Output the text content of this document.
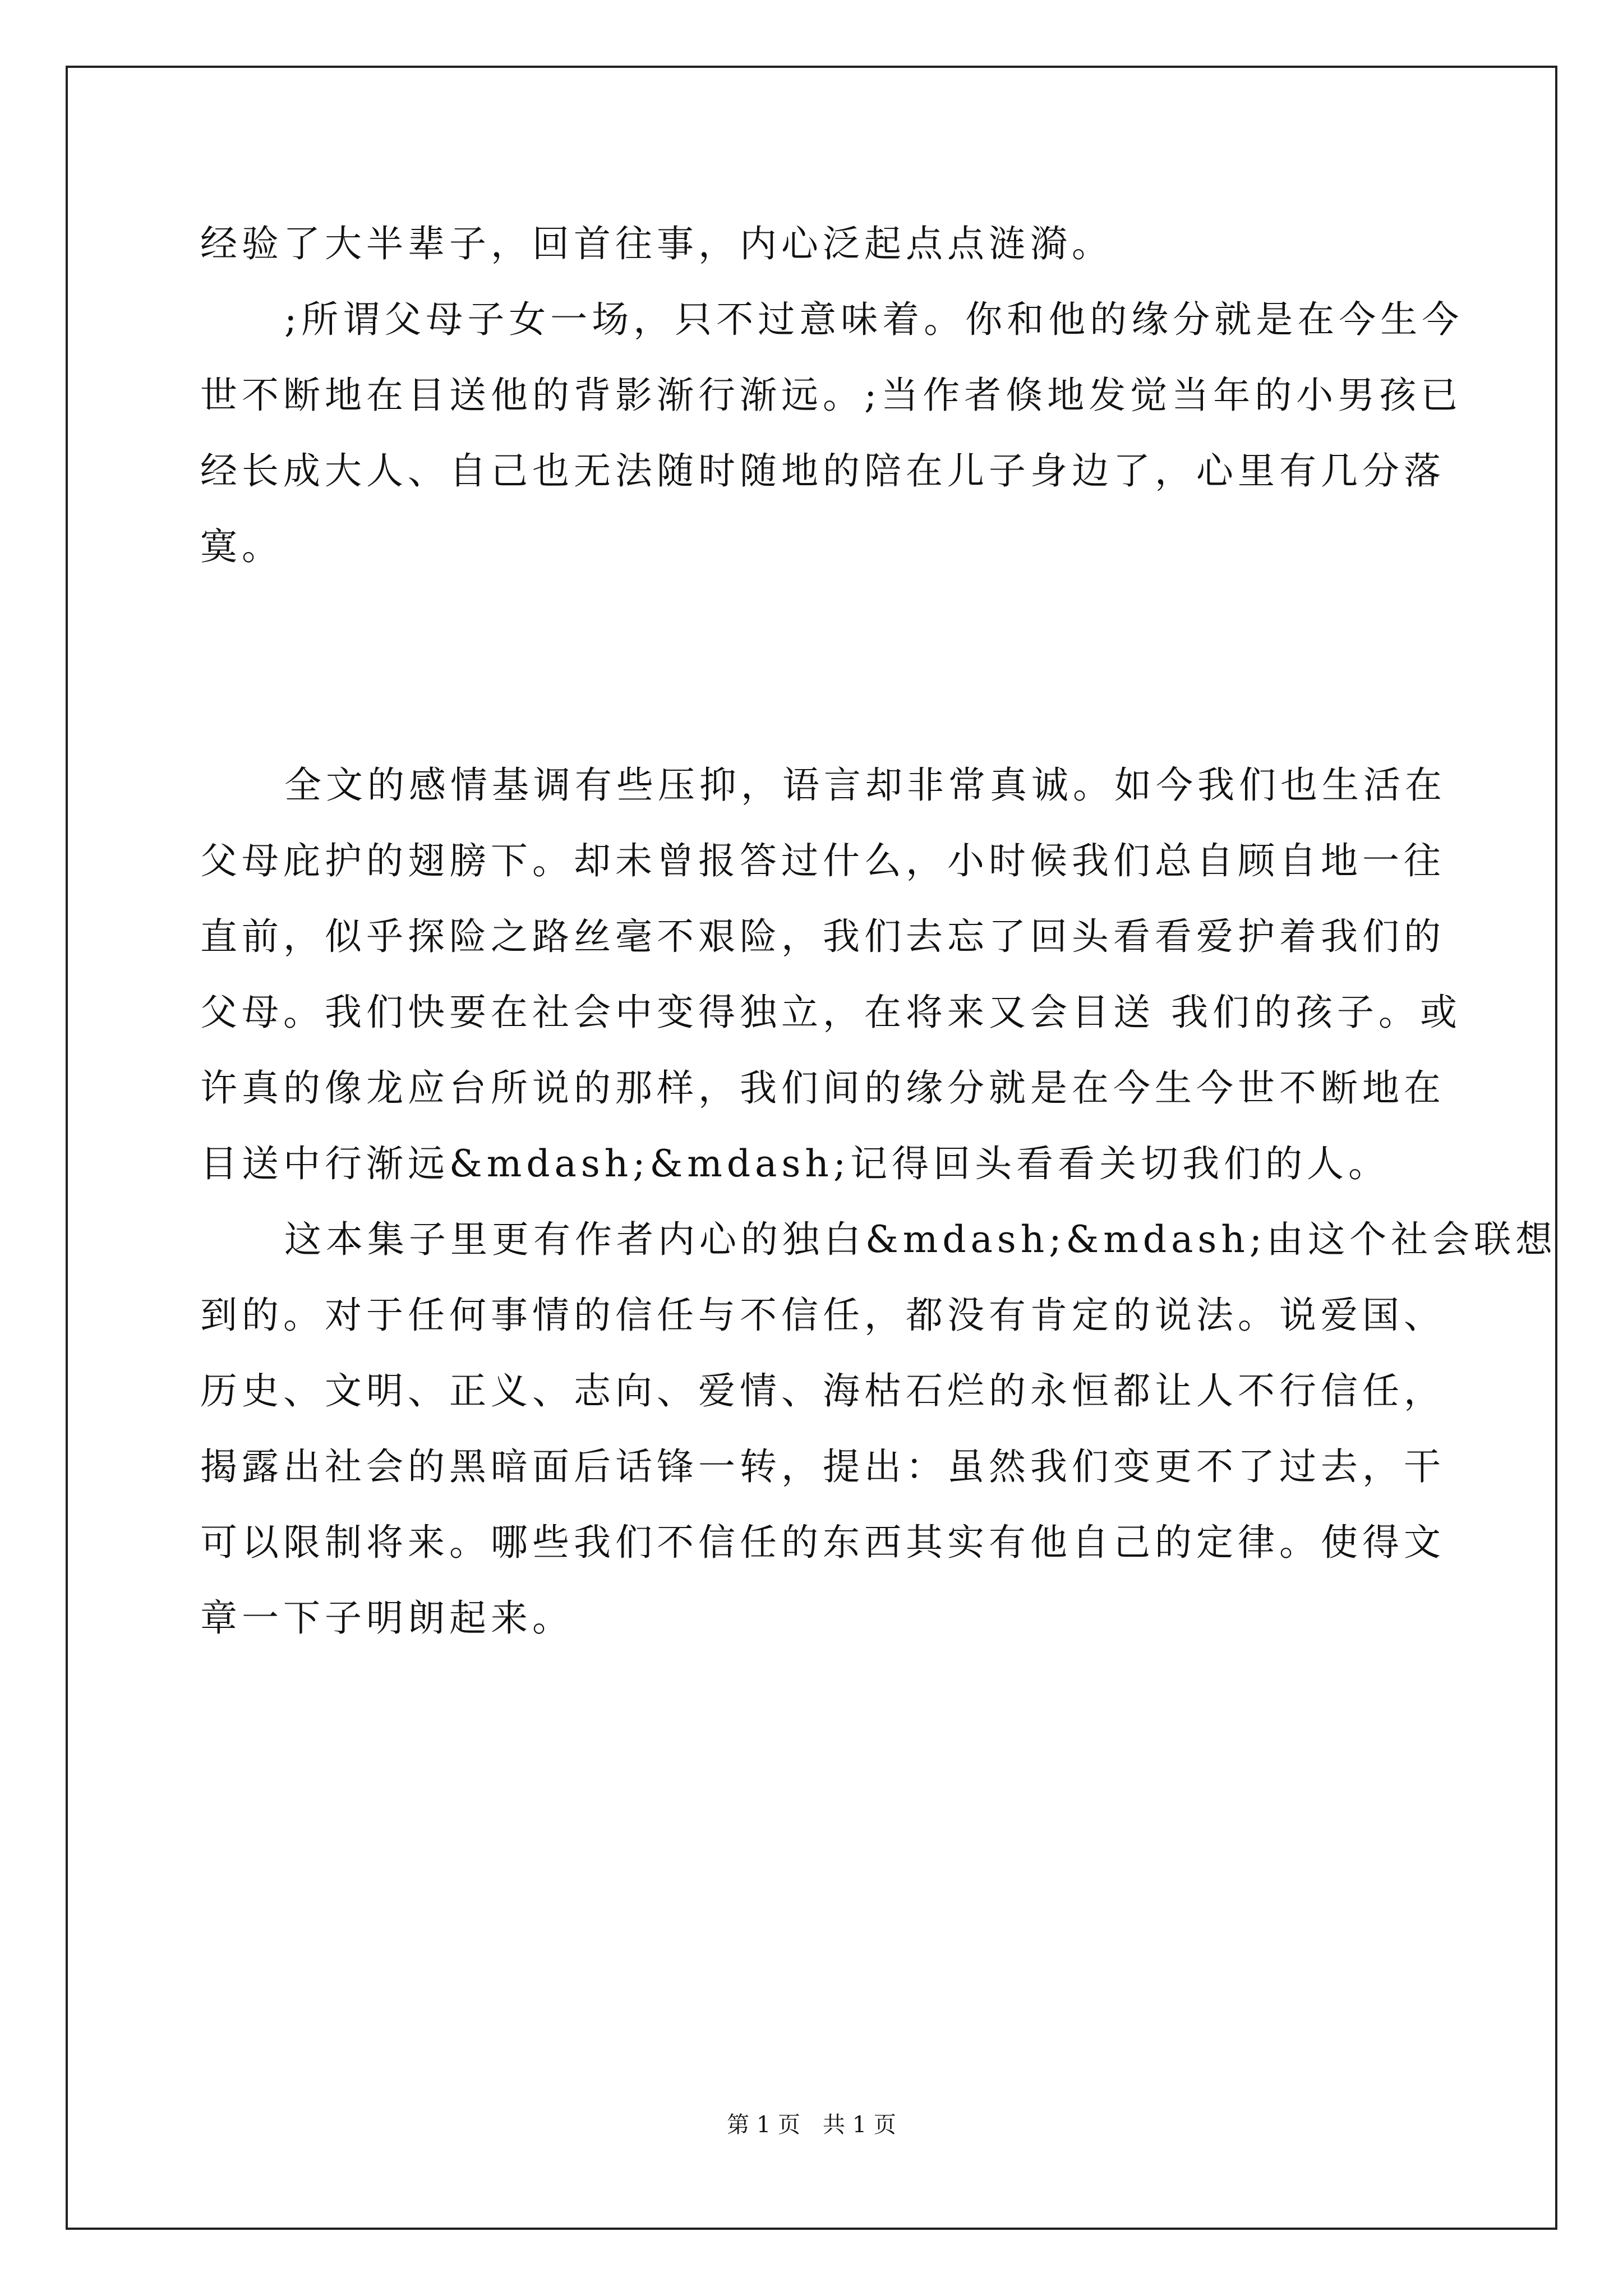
经验了大半辈子，回首往事，内心泛起点点涟漪。
;所谓父母子女一场，只不过意味着。你和他的缘分就是在今生今
世不断地在目送他的背影渐行渐远。;当作者倏地发觉当年的小男孩已
经长成大人、自己也无法随时随地的陪在儿子身边了，心里有几分落
寞。
全文的感情基调有些压抑，语言却非常真诚。如今我们也生活在
父母庇护的翅膀下。却未曾报答过什么，小时候我们总自顾自地一往
直前，似乎探险之路丝毫不艰险，我们去忘了回头看看爱护着我们的
父母。我们快要在社会中变得独立，在将来又会目送 我们的孩子。或
许真的像龙应台所说的那样，我们间的缘分就是在今生今世不断地在
目送中行渐远&mdash;&mdash;记得回头看看关切我们的人。
这本集子里更有作者内心的独白&mdash;&mdash;由这个社会联想
到的。对于任何事情的信任与不信任，都没有肯定的说法。说爱国、
历史、文明、正义、志向、爱情、海枯石烂的永恒都让人不行信任，
揭露出社会的黑暗面后话锋一转，提出：虽然我们变更不了过去，干
可以限制将来。哪些我们不信任的东西其实有他自己的定律。使得文
章一下子明朗起来。
第 1 页　共 1 页
